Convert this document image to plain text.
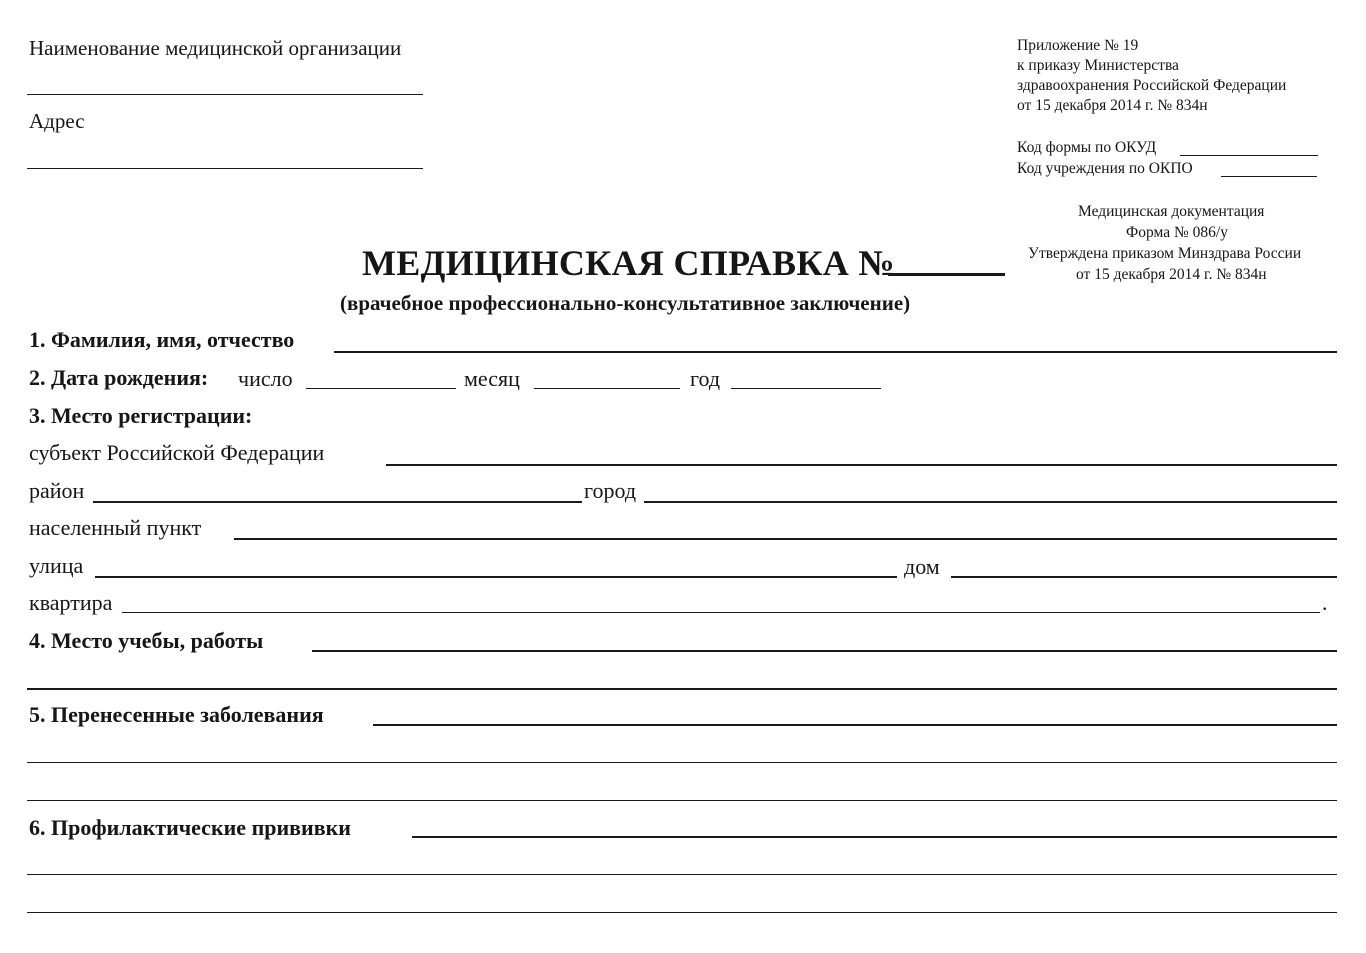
Наименование медицинской организации
Адрес
Приложение № 19
к приказу Министерства
здравоохранения Российской Федерации
от 15 декабря 2014 г. № 834н
Код формы по ОКУД
Код учреждения по ОКПО
Медицинская документация
Форма № 086/у
Утверждена приказом Минздрава России
от 15 декабря 2014 г. № 834н
МЕДИЦИНСКАЯ СПРАВКА №
(врачебное профессионально-консультативное заключение)
1. Фамилия, имя, отчество
2. Дата рождения: число	месяц	год
3. Место регистрации:
субъект Российской Федерации
район	город
населенный пункт
улица	дом
квартира	.
4. Место учебы, работы
5. Перенесенные заболевания
6. Профилактические прививки
